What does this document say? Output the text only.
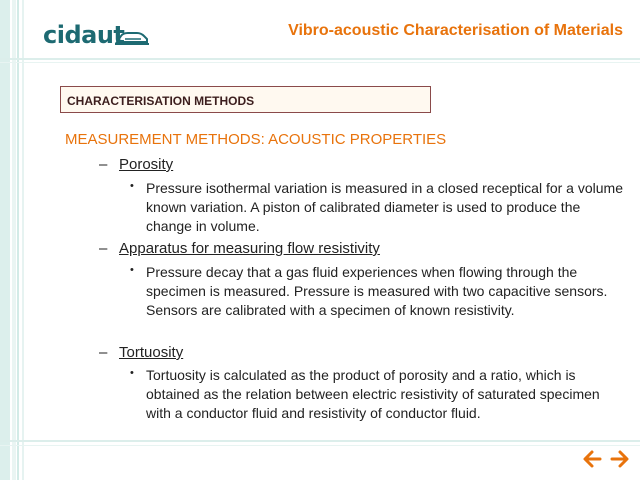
cidaut	Vibro-acoustic Characterisation of Materials
CHARACTERISATION METHODS
MEASUREMENT METHODS: ACOUSTIC PROPERTIES
– Porosity
• Pressure isothermal variation is measured in a closed receptical for a volume known variation. A piston of calibrated diameter is used to produce the change in volume.
– Apparatus for measuring flow resistivity
• Pressure decay that a gas fluid experiences when flowing through the specimen is measured. Pressure is measured with two capacitive sensors. Sensors are calibrated with a specimen of known resistivity.
– Tortuosity
• Tortuosity is calculated as the product of porosity and a ratio, which is obtained as the relation between electric resistivity of saturated specimen with a conductor fluid and resistivity of conductor fluid.
